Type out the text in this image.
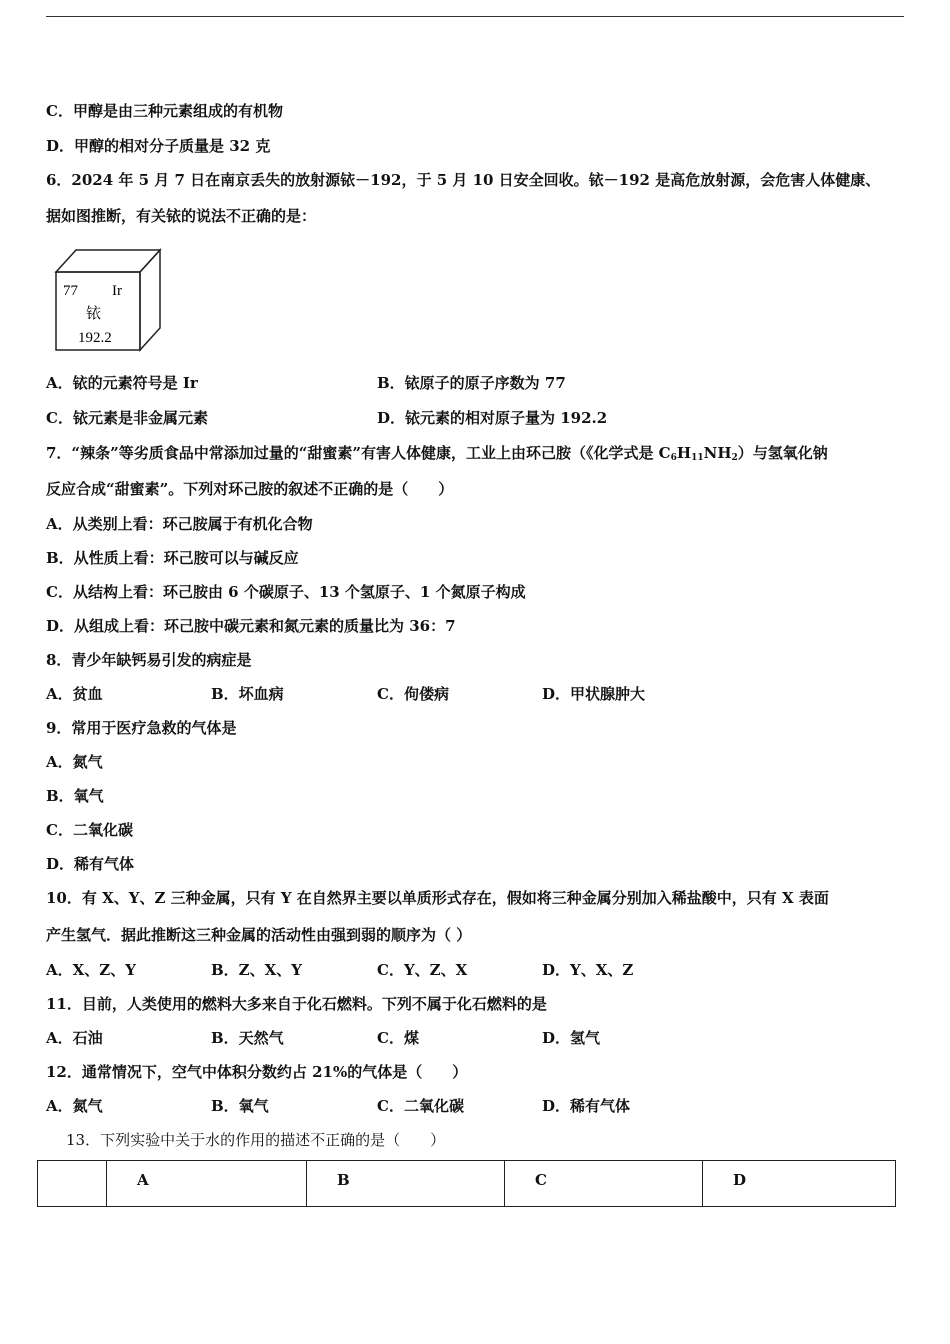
C．甲醇是由三种元素组成的有机物
D．甲醇的相对分子质量是 32 克
6．2024 年 5 月 7 日在南京丢失的放射源铱－192，于 5 月 10 日安全回收。铱－192 是高危放射源，会危害人体健康、
据如图推断，有关铱的说法不正确的是：
77 Ir
铱
192.2
A．铱的元素符号是 Ir	B．铱原子的原子序数为 77
C．铱元素是非金属元素	D．铱元素的相对原子量为 192.2
7．“辣条”等劣质食品中常添加过量的“甜蜜素”有害人体健康，工业上由环己胺（《化学式是 $C_6H_{11}NH_2$）与氢氧化钠
反应合成“甜蜜素”。下列对环己胺的叙述不正确的是（　　）
A．从类别上看：环己胺属于有机化合物
B．从性质上看：环己胺可以与碱反应
C．从结构上看：环己胺由 6 个碳原子、13 个氢原子、1 个氮原子构成
D．从组成上看：环己胺中碳元素和氮元素的质量比为 36：7
8．青少年缺钙易引发的病症是
A．贫血	B．坏血病	C．佝偻病	D．甲状腺肿大
9．常用于医疗急救的气体是
A．氮气
B．氧气
C．二氧化碳
D．稀有气体
10．有 X、Y、Z 三种金属，只有 Y 在自然界主要以单质形式存在，假如将三种金属分别加入稀盐酸中，只有 X 表面
产生氢气．据此推断这三种金属的活动性由强到弱的顺序为（ ）
A．X、Z、Y	B．Z、X、Y	C．Y、Z、X	D．Y、X、Z
11．目前，人类使用的燃料大多来自于化石燃料。下列不属于化石燃料的是
A．石油	B．天然气	C．煤	D．氢气
12．通常情况下，空气中体积分数约占 21%的气体是（　　）
A．氮气	B．氧气	C．二氧化碳	D．稀有气体
13．下列实验中关于水的作用的描述不正确的是（　　）

A	B	C	D
